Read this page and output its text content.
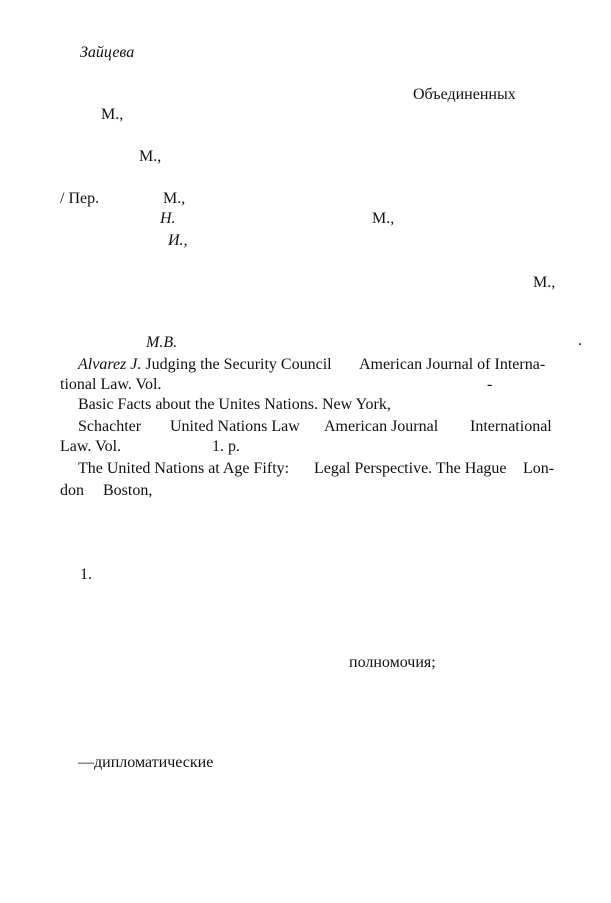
Зайцева
Объединенных
М.,
М.,
/ Пер.	М.,
Н.	М.,
И.,
М.,
М.В.	.
Alvarez J. Judging the Security Council American Journal of Interna-
tional Law. Vol.	-
Basic Facts about the Unites Nations. New York,
Schachter United Nations Law American Journal International
Law. Vol.	1. p.
The United Nations at Age Fifty: Legal Perspective. The Hague Lon-
don Boston,
1.
полномочия;
—дипломатические
